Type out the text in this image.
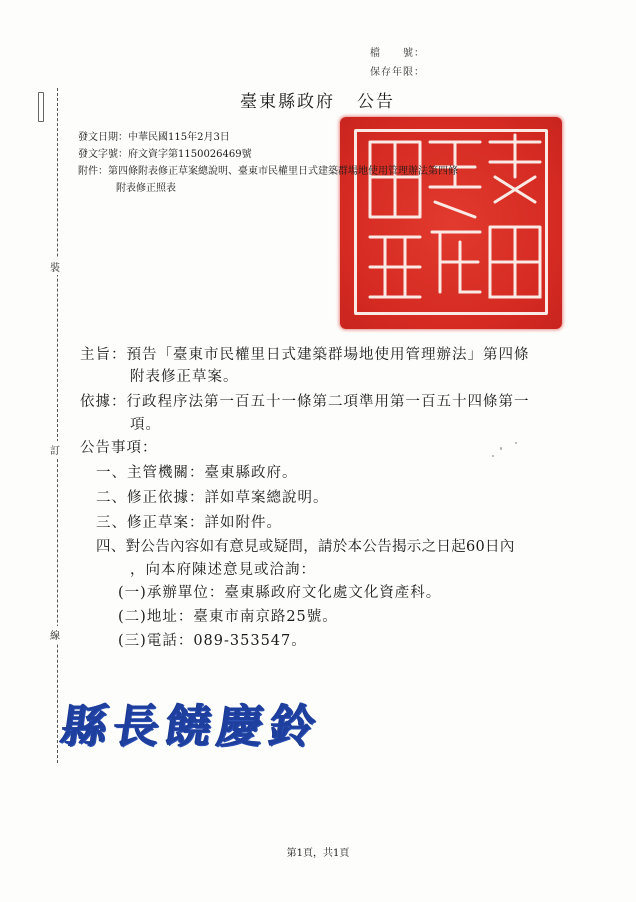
檔　　號：
保存年限：
裝
訂
線
臺東縣政府 公告
發文日期：中華民國115年2月3日
發文字號：府文資字第1150026469號
附件：第四條附表修正草案總說明、臺東市民權里日式建築群場地使用管理辦法第四條
附表修正照表
主旨：預告「臺東市民權里日式建築群場地使用管理辦法」第四條
附表修正草案。
依據：行政程序法第一百五十一條第二項準用第一百五十四條第一
項。
公告事項：
一、主管機關：臺東縣政府。
二、修正依據：詳如草案總說明。
三、修正草案：詳如附件。
四、對公告內容如有意見或疑問，請於本公告揭示之日起60日內
，向本府陳述意見或洽詢：
(一)承辦單位：臺東縣政府文化處文化資產科。
(二)地址：臺東市南京路25號。
(三)電話：089-353547。
縣長饒慶鈴
第1頁，共1頁
